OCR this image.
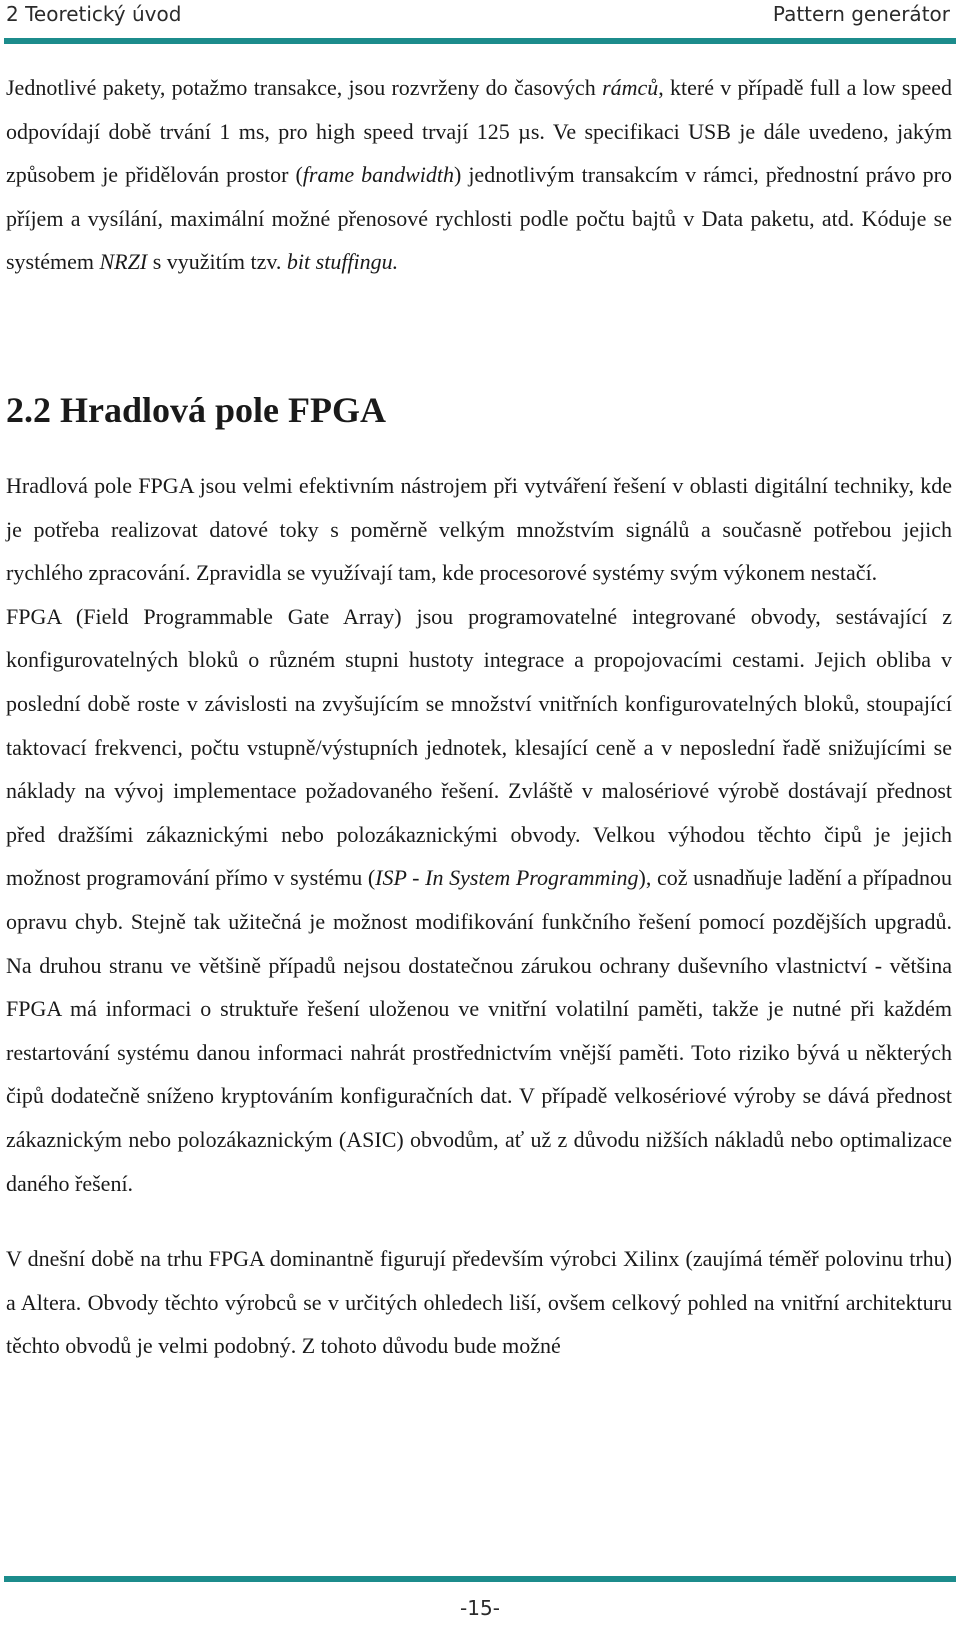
2 Teoretický úvod	Pattern generátor

Jednotlivé pakety, potažmo transakce, jsou rozvrženy do časových rámců, které v případě full a low speed odpovídají době trvání 1 ms, pro high speed trvají 125 µs. Ve specifikaci USB je dále uvedeno, jakým způsobem je přidělován prostor (frame bandwidth) jednotlivým transakcím v rámci, přednostní právo pro příjem a vysílání, maximální možné přenosové rychlosti podle počtu bajtů v Data paketu, atd. Kóduje se systémem NRZI s využitím tzv. bit stuffingu.

2.2 Hradlová pole FPGA

Hradlová pole FPGA jsou velmi efektivním nástrojem při vytváření řešení v oblasti digitální techniky, kde je potřeba realizovat datové toky s poměrně velkým množstvím signálů a současně potřebou jejich rychlého zpracování. Zpravidla se využívají tam, kde procesorové systémy svým výkonem nestačí.

FPGA (Field Programmable Gate Array) jsou programovatelné integrované obvody, sestávající z konfigurovatelných bloků o různém stupni hustoty integrace a propojovacími cestami. Jejich obliba v poslední době roste v závislosti na zvyšujícím se množství vnitřních konfigurovatelných bloků, stoupající taktovací frekvenci, počtu vstupně/výstupních jednotek, klesající ceně a v neposlední řadě snižujícími se náklady na vývoj implementace požadovaného řešení. Zvláště v malosériové výrobě dostávají přednost před dražšími zákaznickými nebo polozákaznickými obvody. Velkou výhodou těchto čipů je jejich možnost programování přímo v systému (ISP - In System Programming), což usnadňuje ladění a případnou opravu chyb. Stejně tak užitečná je možnost modifikování funkčního řešení pomocí pozdějších upgradů. Na druhou stranu ve většině případů nejsou dostatečnou zárukou ochrany duševního vlastnictví - většina FPGA má informaci o struktuře řešení uloženou ve vnitřní volatilní paměti, takže je nutné při každém restartování systému danou informaci nahrát prostřednictvím vnější paměti. Toto riziko bývá u některých čipů dodatečně sníženo kryptováním konfiguračních dat. V případě velkosériové výroby se dává přednost zákaznickým nebo polozákaznickým (ASIC) obvodům, ať už z důvodu nižších nákladů nebo optimalizace daného řešení.

V dnešní době na trhu FPGA dominantně figurují především výrobci Xilinx (zaujímá téměř polovinu trhu) a Altera. Obvody těchto výrobců se v určitých ohledech liší, ovšem celkový pohled na vnitřní architekturu těchto obvodů je velmi podobný. Z tohoto důvodu bude možné

-15-
